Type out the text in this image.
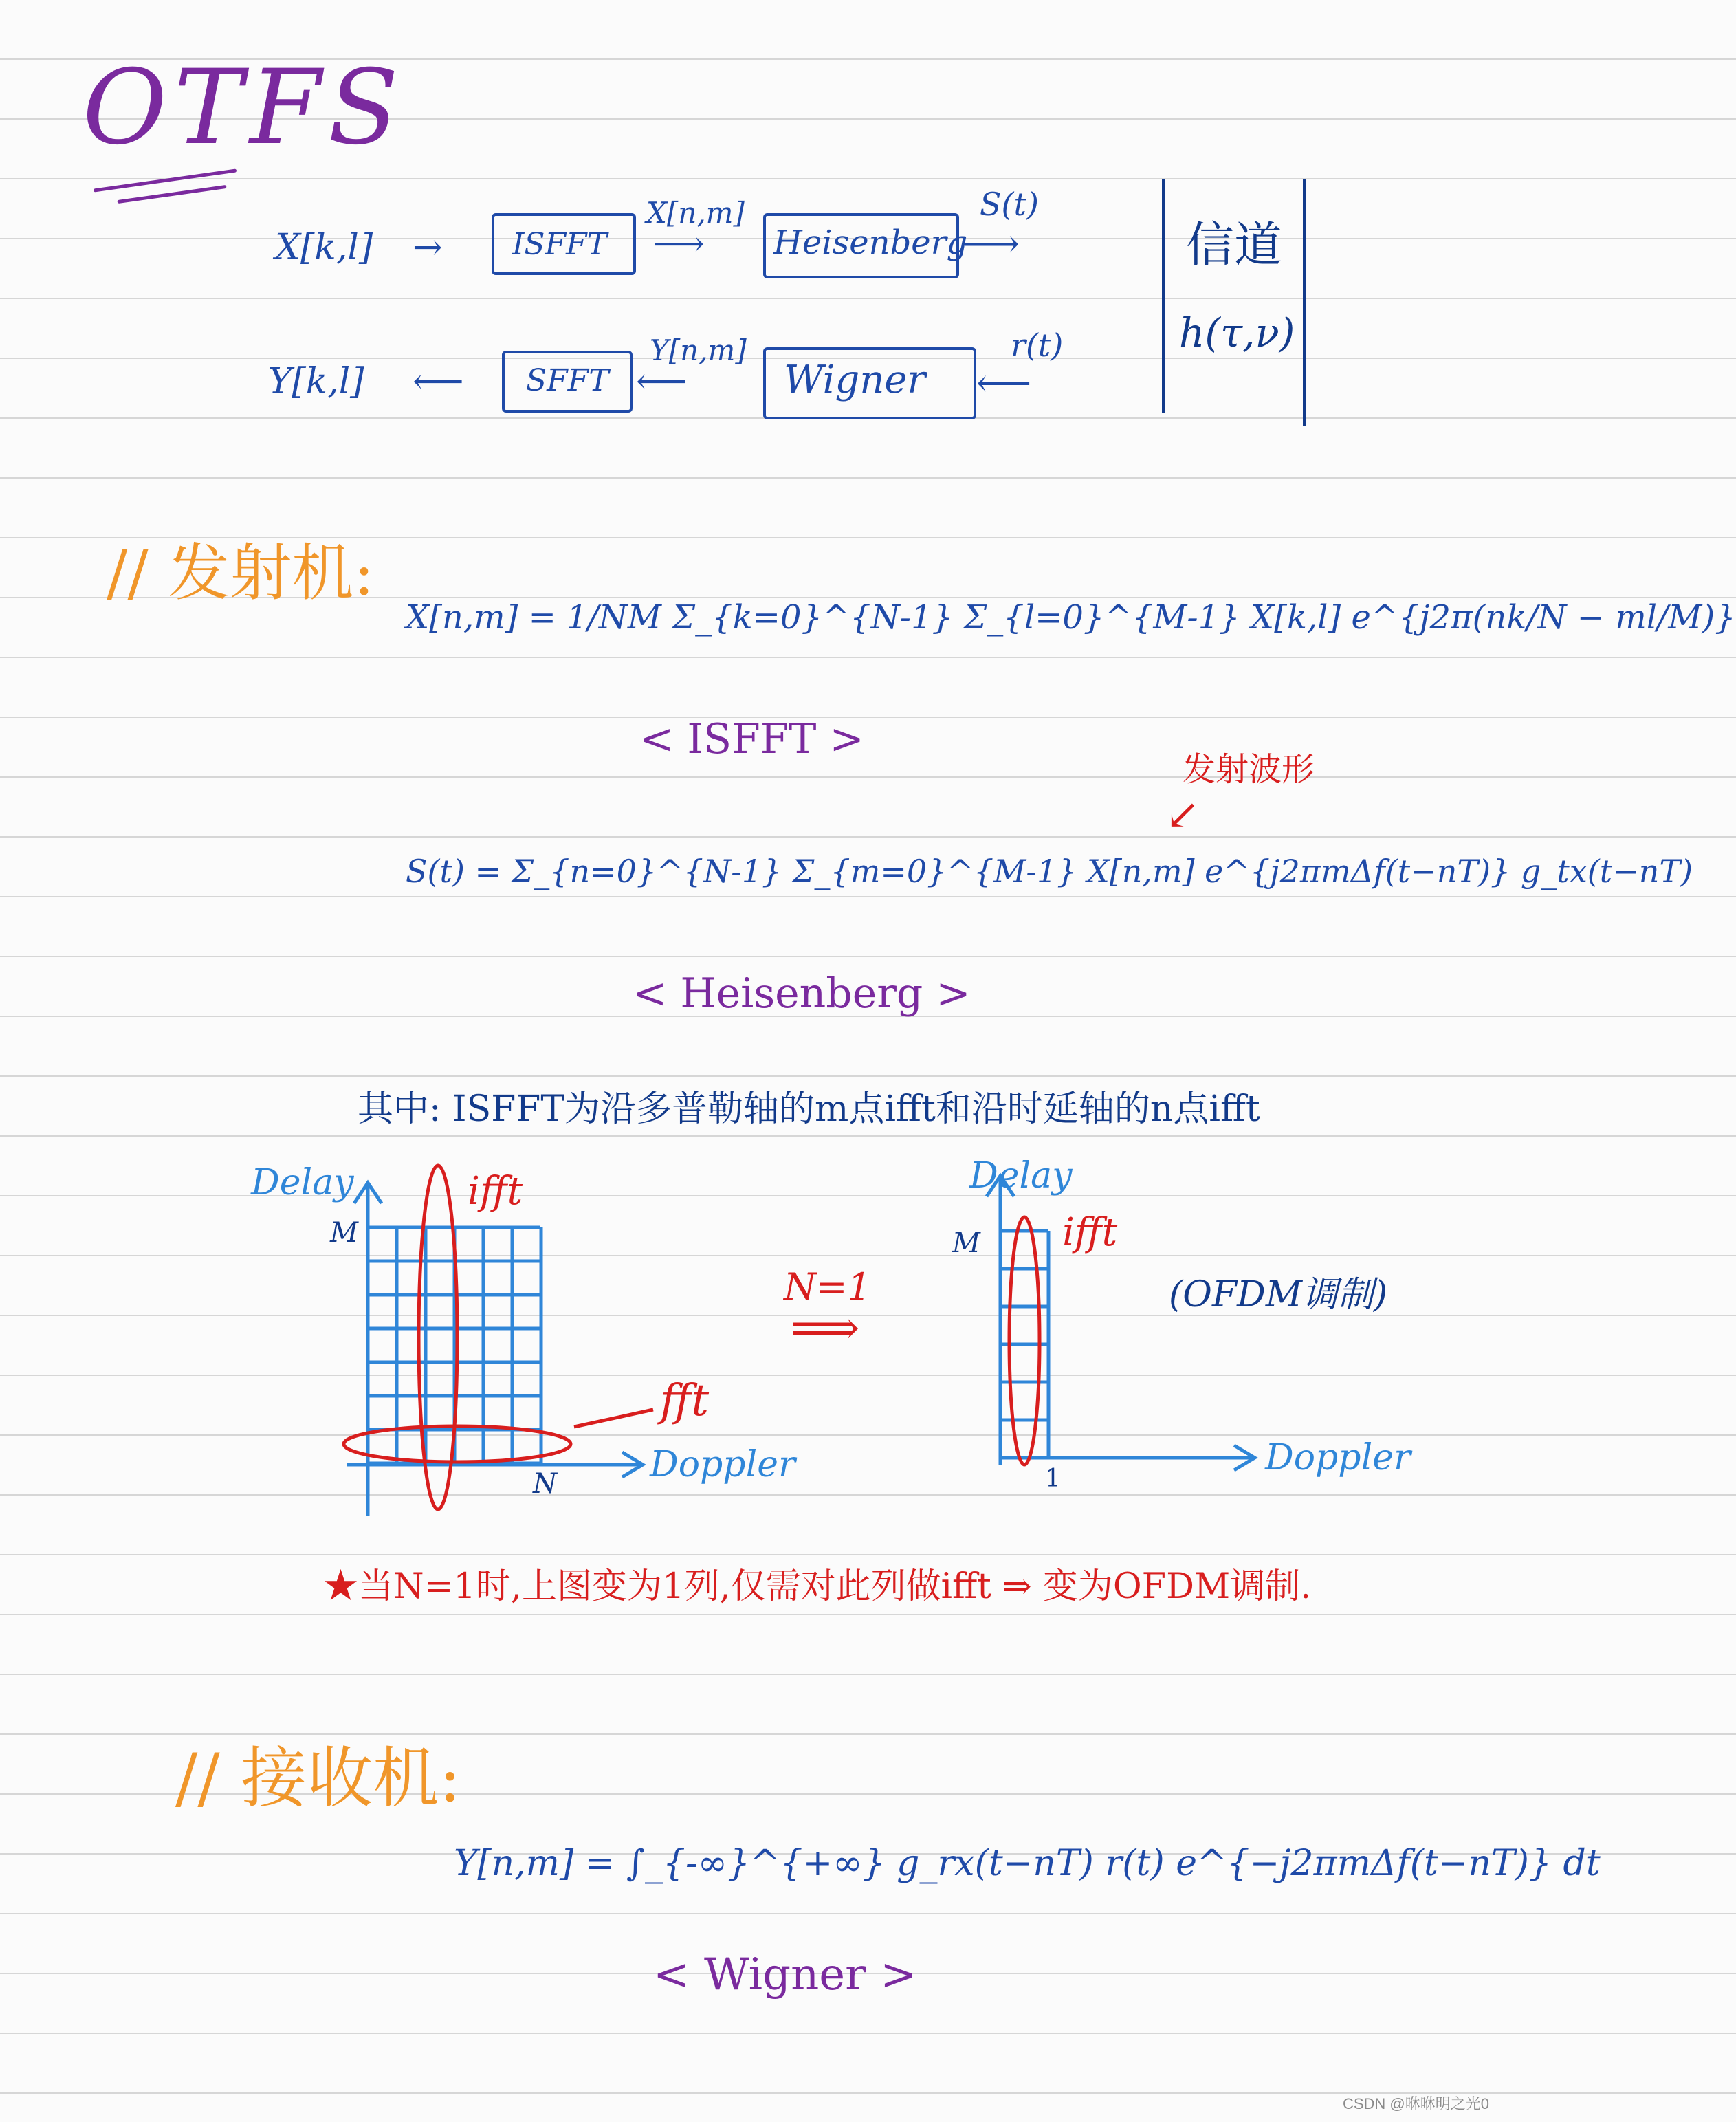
OTFS
X[k,l] → ISFFT
X[n,m]
⟶ Heisenberg
S(t)
⟶	信道
h(τ,ν)
Y[k,l] ⟵ SFFT
Y[n,m]
⟵	Wigner
r(t)
⟵
// 发射机:
X[n,m] = 1/NM Σ_{k=0}^{N-1} Σ_{l=0}^{M-1} X[k,l] e^{j2π(nk/N − ml/M)}
< ISFFT >
发射波形
↙
S(t) = Σ_{n=0}^{N-1} Σ_{m=0}^{M-1} X[n,m] e^{j2πmΔf(t−nT)} g_tx(t−nT)
< Heisenberg >
其中: ISFFT为沿多普勒轴的m点ifft和沿时延轴的n点ifft
Delay
M
ifft
fft
Doppler
N
N=1
⟹
Delay
M ifft
(OFDM调制)
Doppler
1
★当N=1时,上图变为1列,仅需对此列做ifft ⇒ 变为OFDM调制.
// 接收机:
Y[n,m] = ∫_{-∞}^{+∞} g_rx(t−nT) r(t) e^{−j2πmΔf(t−nT)} dt
< Wigner >
CSDN @咻咻明之光0
